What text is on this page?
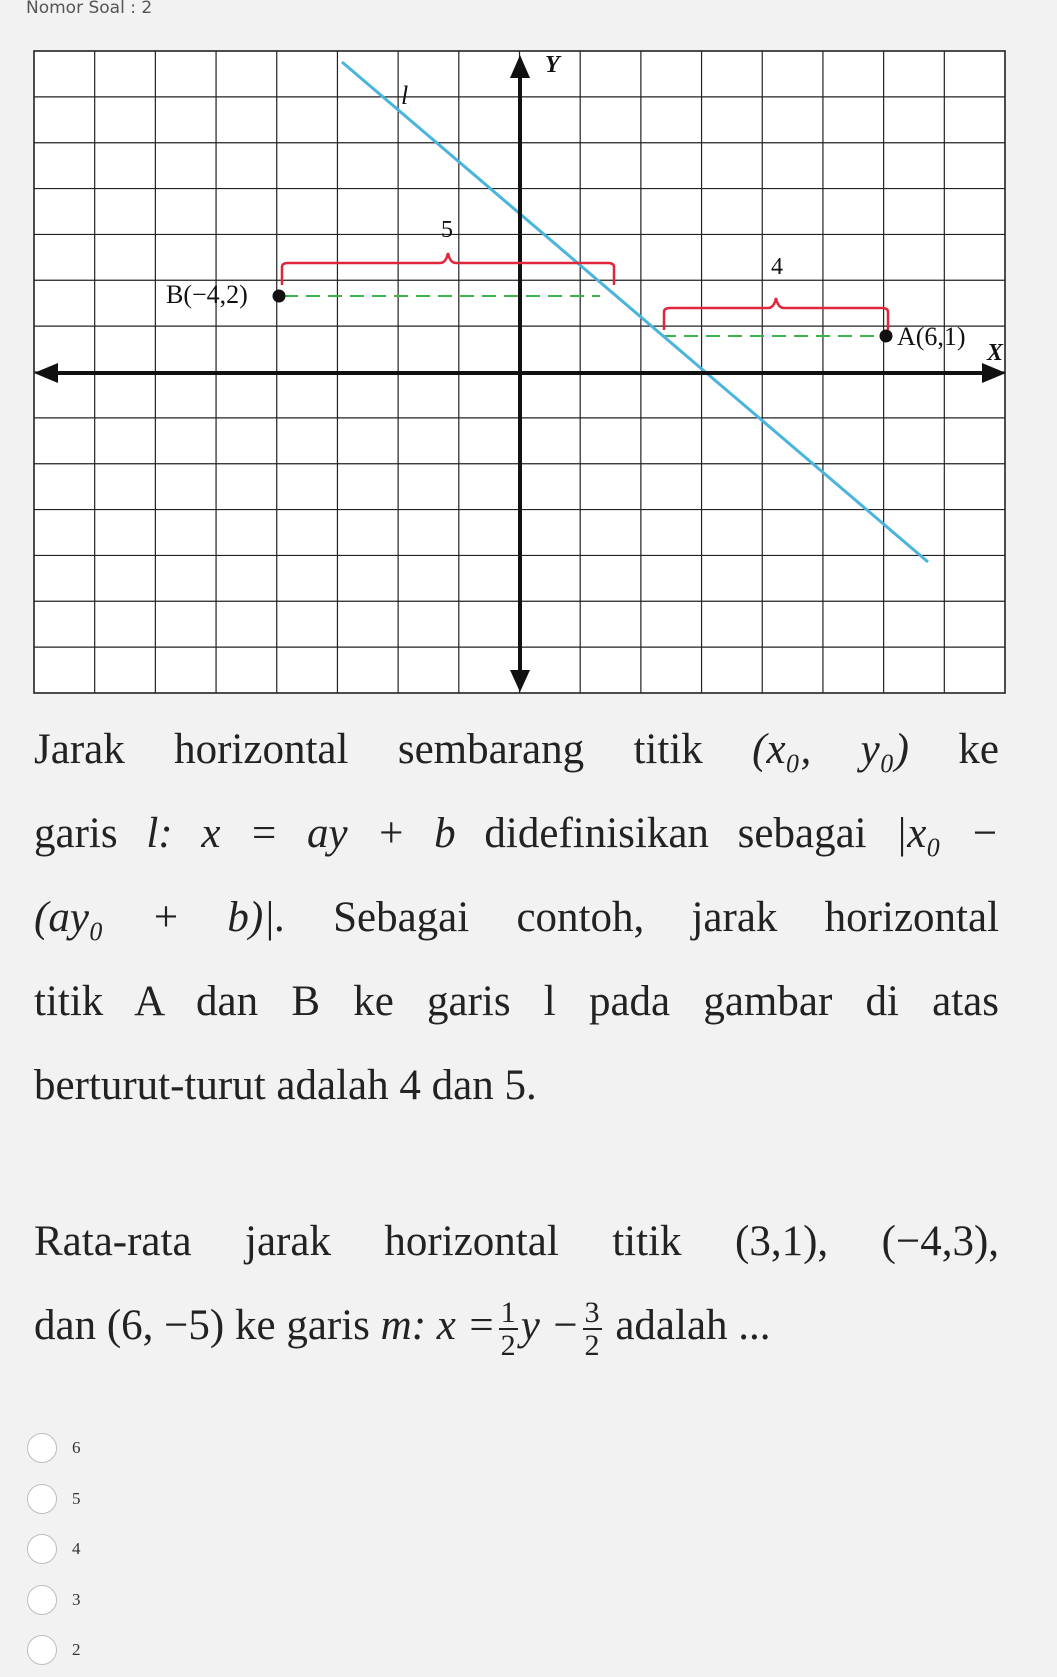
Nomor Soal : 2
Y
X
l
B(−4,2)
A(6,1)
5
4
Jarak horizontal sembarang titik (x₀, y₀) ke
garis l: x = ay + b didefinisikan sebagai |x₀ −
(ay₀ + b)|. Sebagai contoh, jarak horizontal
titik A dan B ke garis l pada gambar di atas
berturut-turut adalah 4 dan 5.
Rata-rata jarak horizontal titik (3,1), (−4,3),
dan (6, −5) ke garis m: $x = \frac{1}{2}$ $y - \frac{3}{2}$ adalah ...
6
5
4
3
2
